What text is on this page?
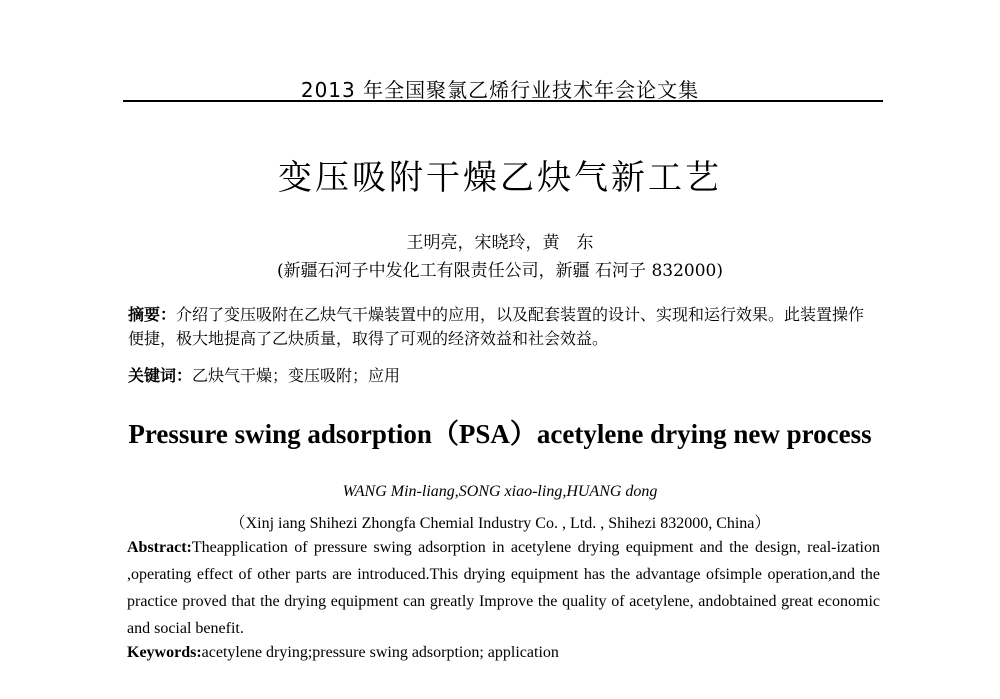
2013 年全国聚氯乙烯行业技术年会论文集
变压吸附干燥乙炔气新工艺
王明亮，宋晓玲，黄　东
(新疆石河子中发化工有限责任公司，新疆 石河子 832000)
摘要：介绍了变压吸附在乙炔气干燥装置中的应用，以及配套装置的设计、实现和运行效果。此装置操作便捷，极大地提高了乙炔质量，取得了可观的经济效益和社会效益。
关键词：乙炔气干燥；变压吸附；应用
Pressure swing adsorption（PSA）acetylene drying new process
WANG Min-liang,SONG xiao-ling,HUANG dong
（Xinj iang Shihezi Zhongfa Chemial Industry Co. , Ltd. , Shihezi 832000, China）
Abstract:Theapplication of pressure swing adsorption in acetylene drying equipment and the design, real-ization ,operating effect of other parts are introduced.This drying equipment has the advantage ofsimple operation,and the practice proved that the drying equipment can greatly Improve the quality of acetylene, andobtained great economic and social benefit.
Keywords:acetylene drying;pressure swing adsorption; application
